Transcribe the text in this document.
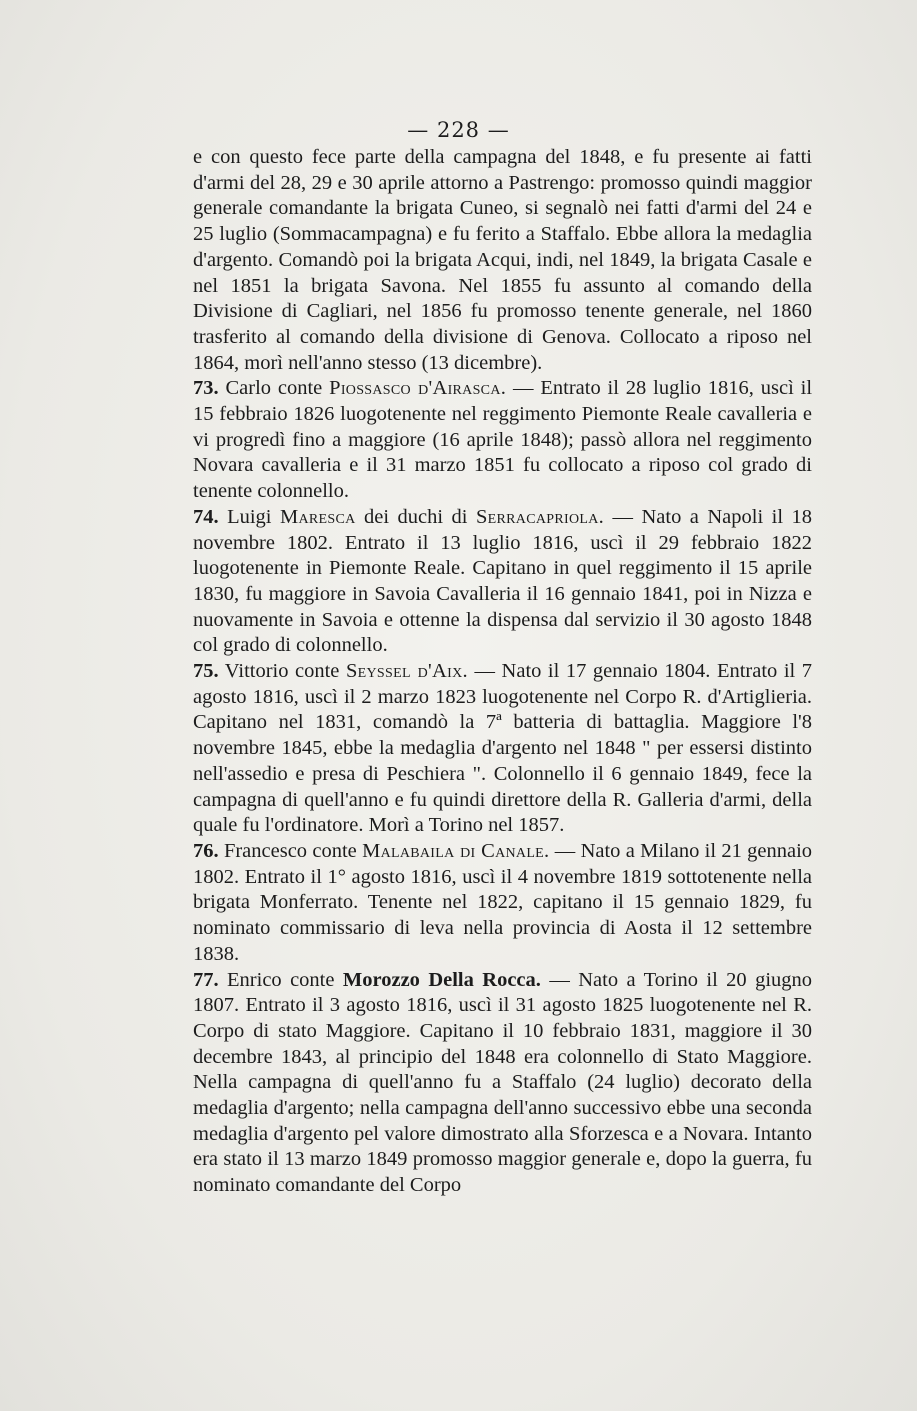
— 228 —

e con questo fece parte della campagna del 1848, e fu presente ai fatti d'armi del 28, 29 e 30 aprile attorno a Pastrengo: promosso quindi maggior generale comandante la brigata Cuneo, si segnalò nei fatti d'armi del 24 e 25 luglio (Sommacampagna) e fu ferito a Staffalo. Ebbe allora la medaglia d'argento. Comandò poi la brigata Acqui, indi, nel 1849, la brigata Casale e nel 1851 la brigata Savona. Nel 1855 fu assunto al comando della Divisione di Cagliari, nel 1856 fu promosso tenente generale, nel 1860 trasferito al comando della divisione di Genova. Collocato a riposo nel 1864, morì nell'anno stesso (13 dicembre).

73. Carlo conte Piossasco d'Airasca. — Entrato il 28 luglio 1816, uscì il 15 febbraio 1826 luogotenente nel reggimento Piemonte Reale cavalleria e vi progredì fino a maggiore (16 aprile 1848); passò allora nel reggimento Novara cavalleria e il 31 marzo 1851 fu collocato a riposo col grado di tenente colonnello.

74. Luigi Maresca dei duchi di Serracapriola. — Nato a Napoli il 18 novembre 1802. Entrato il 13 luglio 1816, uscì il 29 febbraio 1822 luogotenente in Piemonte Reale. Capitano in quel reggimento il 15 aprile 1830, fu maggiore in Savoia Cavalleria il 16 gennaio 1841, poi in Nizza e nuovamente in Savoia e ottenne la dispensa dal servizio il 30 agosto 1848 col grado di colonnello.

75. Vittorio conte Seyssel d'Aix. — Nato il 17 gennaio 1804. Entrato il 7 agosto 1816, uscì il 2 marzo 1823 luogotenente nel Corpo R. d'Artiglieria. Capitano nel 1831, comandò la 7ª batteria di battaglia. Maggiore l'8 novembre 1845, ebbe la medaglia d'argento nel 1848 " per essersi distinto nell'assedio e presa di Peschiera ". Colonnello il 6 gennaio 1849, fece la campagna di quell'anno e fu quindi direttore della R. Galleria d'armi, della quale fu l'ordinatore. Morì a Torino nel 1857.

76. Francesco conte Malabaila di Canale. — Nato a Milano il 21 gennaio 1802. Entrato il 1° agosto 1816, uscì il 4 novembre 1819 sottotenente nella brigata Monferrato. Tenente nel 1822, capitano il 15 gennaio 1829, fu nominato commissario di leva nella provincia di Aosta il 12 settembre 1838.

77. Enrico conte Morozzo Della Rocca. — Nato a Torino il 20 giugno 1807. Entrato il 3 agosto 1816, uscì il 31 agosto 1825 luogotenente nel R. Corpo di stato Maggiore. Capitano il 10 febbraio 1831, maggiore il 30 decembre 1843, al principio del 1848 era colonnello di Stato Maggiore. Nella campagna di quell'anno fu a Staffalo (24 luglio) decorato della medaglia d'argento; nella campagna dell'anno successivo ebbe una seconda medaglia d'argento pel valore dimostrato alla Sforzesca e a Novara. Intanto era stato il 13 marzo 1849 promosso maggior generale e, dopo la guerra, fu nominato comandante del Corpo
